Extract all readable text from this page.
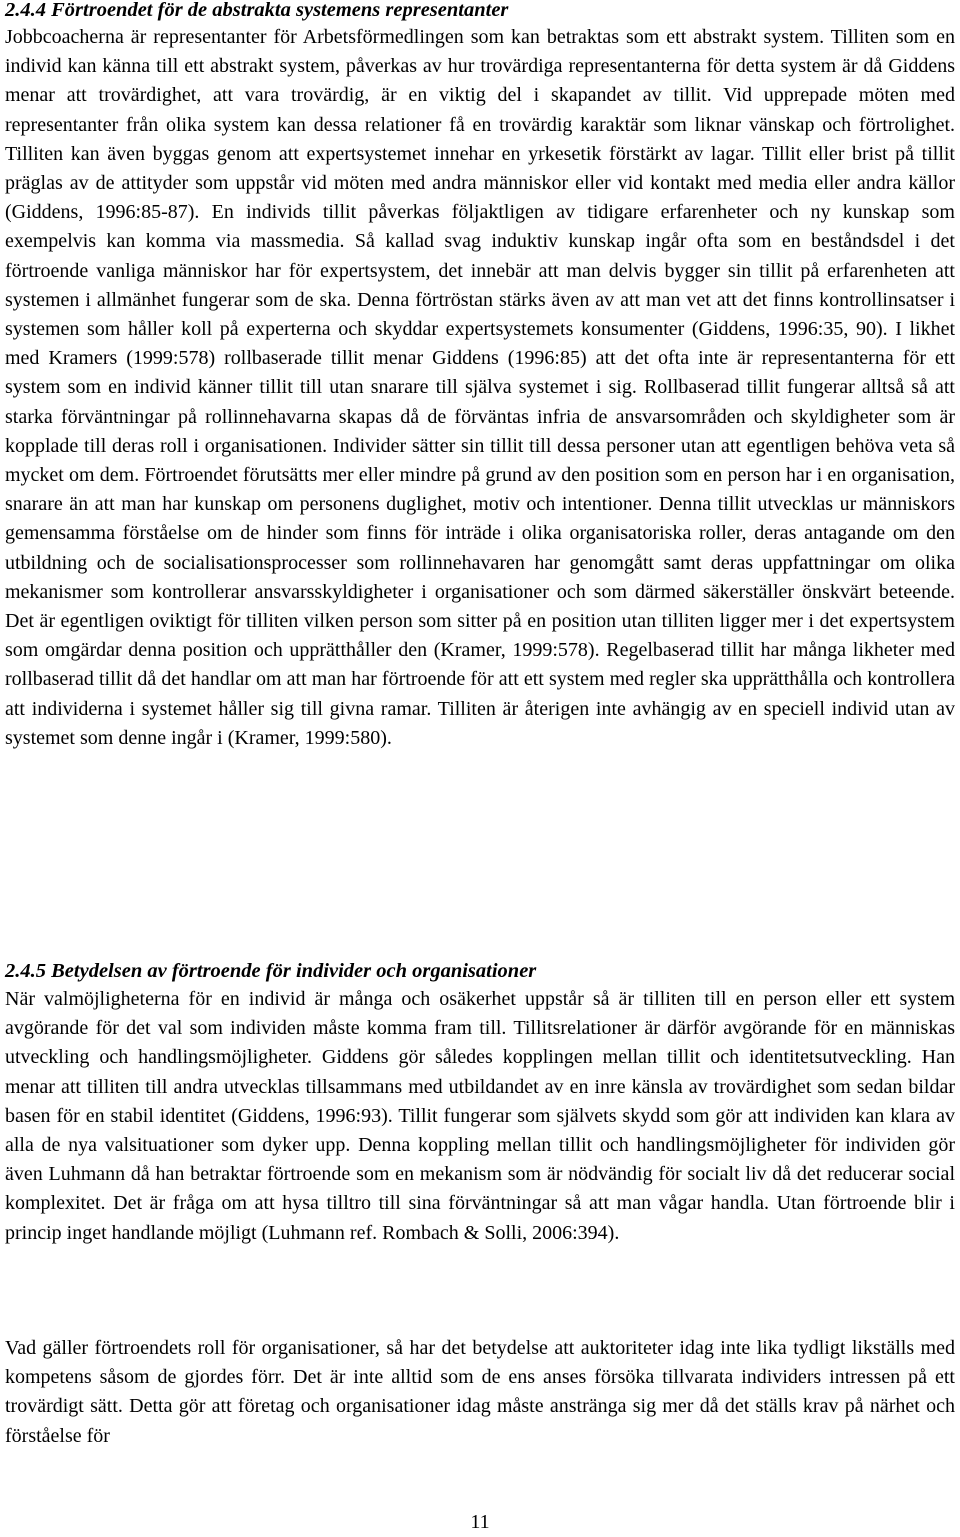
2.4.4 Förtroendet för de abstrakta systemens representanter

Jobbcoacherna är representanter för Arbetsförmedlingen som kan betraktas som ett abstrakt system. Tilliten som en individ kan känna till ett abstrakt system, påverkas av hur trovärdiga representanterna för detta system är då Giddens menar att trovärdighet, att vara trovärdig, är en viktig del i skapandet av tillit. Vid upprepade möten med representanter från olika system kan dessa relationer få en trovärdig karaktär som liknar vänskap och förtrolighet. Tilliten kan även byggas genom att expertsystemet innehar en yrkesetik förstärkt av lagar. Tillit eller brist på tillit präglas av de attityder som uppstår vid möten med andra människor eller vid kontakt med media eller andra källor (Giddens, 1996:85-87). En individs tillit påverkas följaktligen av tidigare erfarenheter och ny kunskap som exempelvis kan komma via massmedia. Så kallad svag induktiv kunskap ingår ofta som en beståndsdel i det förtroende vanliga människor har för expertsystem, det innebär att man delvis bygger sin tillit på erfarenheten att systemen i allmänhet fungerar som de ska. Denna förtröstan stärks även av att man vet att det finns kontrollinsatser i systemen som håller koll på experterna och skyddar expertsystemets konsumenter (Giddens, 1996:35, 90). I likhet med Kramers (1999:578) rollbaserade tillit menar Giddens (1996:85) att det ofta inte är representanterna för ett system som en individ känner tillit till utan snarare till själva systemet i sig. Rollbaserad tillit fungerar alltså så att starka förväntningar på rollinnehavarna skapas då de förväntas infria de ansvarsområden och skyldigheter som är kopplade till deras roll i organisationen. Individer sätter sin tillit till dessa personer utan att egentligen behöva veta så mycket om dem. Förtroendet förutsätts mer eller mindre på grund av den position som en person har i en organisation, snarare än att man har kunskap om personens duglighet, motiv och intentioner. Denna tillit utvecklas ur människors gemensamma förståelse om de hinder som finns för inträde i olika organisatoriska roller, deras antagande om den utbildning och de socialisationsprocesser som rollinnehavaren har genomgått samt deras uppfattningar om olika mekanismer som kontrollerar ansvarsskyldigheter i organisationer och som därmed säkerställer önskvärt beteende. Det är egentligen oviktigt för tilliten vilken person som sitter på en position utan tilliten ligger mer i det expertsystem som omgärdar denna position och upprätthåller den (Kramer, 1999:578). Regelbaserad tillit har många likheter med rollbaserad tillit då det handlar om att man har förtroende för att ett system med regler ska upprätthålla och kontrollera att individerna i systemet håller sig till givna ramar. Tilliten är återigen inte avhängig av en speciell individ utan av systemet som denne ingår i (Kramer, 1999:580).

2.4.5 Betydelsen av förtroende för individer och organisationer

När valmöjligheterna för en individ är många och osäkerhet uppstår så är tilliten till en person eller ett system avgörande för det val som individen måste komma fram till. Tillitsrelationer är därför avgörande för en människas utveckling och handlingsmöjligheter. Giddens gör således kopplingen mellan tillit och identitetsutveckling. Han menar att tilliten till andra utvecklas tillsammans med utbildandet av en inre känsla av trovärdighet som sedan bildar basen för en stabil identitet (Giddens, 1996:93). Tillit fungerar som självets skydd som gör att individen kan klara av alla de nya valsituationer som dyker upp. Denna koppling mellan tillit och handlingsmöjligheter för individen gör även Luhmann då han betraktar förtroende som en mekanism som är nödvändig för socialt liv då det reducerar social komplexitet. Det är fråga om att hysa tilltro till sina förväntningar så att man vågar handla. Utan förtroende blir i princip inget handlande möjligt (Luhmann ref. Rombach & Solli, 2006:394).

Vad gäller förtroendets roll för organisationer, så har det betydelse att auktoriteter idag inte lika tydligt likställs med kompetens såsom de gjordes förr. Det är inte alltid som de ens anses försöka tillvarata individers intressen på ett trovärdigt sätt. Detta gör att företag och organisationer idag måste anstränga sig mer då det ställs krav på närhet och förståelse för

11
